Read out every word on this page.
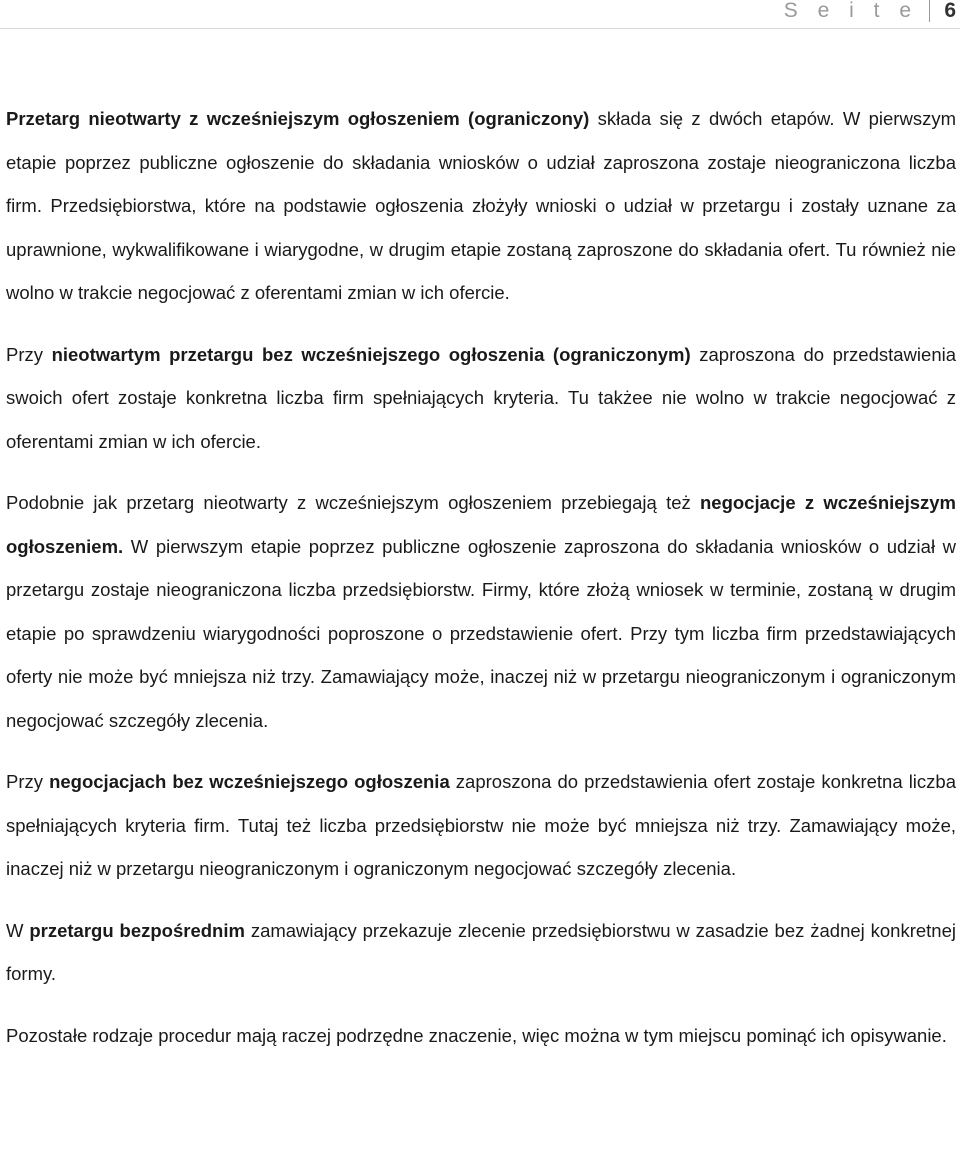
S e i t e 6

Przetarg nieotwarty z wcześniejszym ogłoszeniem (ograniczony) składa się z dwóch etapów. W pierwszym etapie poprzez publiczne ogłoszenie do składania wniosków o udział zaproszona zostaje nieograniczona liczba firm. Przedsiębiorstwa, które na podstawie ogłoszenia złożyły wnioski o udział w przetargu i zostały uznane za uprawnione, wykwalifikowane i wiarygodne, w drugim etapie zostaną zaproszone do składania ofert. Tu również nie wolno w trakcie negocjować z oferentami zmian w ich ofercie.

Przy nieotwartym przetargu bez wcześniejszego ogłoszenia (ograniczonym) zaproszona do przedstawienia swoich ofert zostaje konkretna liczba firm spełniających kryteria. Tu takżee nie wolno w trakcie negocjować z oferentami zmian w ich ofercie.

Podobnie jak przetarg nieotwarty z wcześniejszym ogłoszeniem przebiegają też negocjacje z wcześniejszym ogłoszeniem. W pierwszym etapie poprzez publiczne ogłoszenie zaproszona do składania wniosków o udział w przetargu zostaje nieograniczona liczba przedsiębiorstw. Firmy, które złożą wniosek w terminie, zostaną w drugim etapie po sprawdzeniu wiarygodności poproszone o przedstawienie ofert. Przy tym liczba firm przedstawiających oferty nie może być mniejsza niż trzy. Zamawiający może, inaczej niż w przetargu nieograniczonym i ograniczonym negocjować szczegóły zlecenia.

Przy negocjacjach bez wcześniejszego ogłoszenia zaproszona do przedstawienia ofert zostaje konkretna liczba spełniających kryteria firm. Tutaj też liczba przedsiębiorstw nie może być mniejsza niż trzy. Zamawiający może, inaczej niż w przetargu nieograniczonym i ograniczonym negocjować szczegóły zlecenia.

W przetargu bezpośrednim zamawiający przekazuje zlecenie przedsiębiorstwu w zasadzie bez żadnej konkretnej formy.

Pozostałe rodzaje procedur mają raczej podrzędne znaczenie, więc można w tym miejscu pominąć ich opisywanie.
